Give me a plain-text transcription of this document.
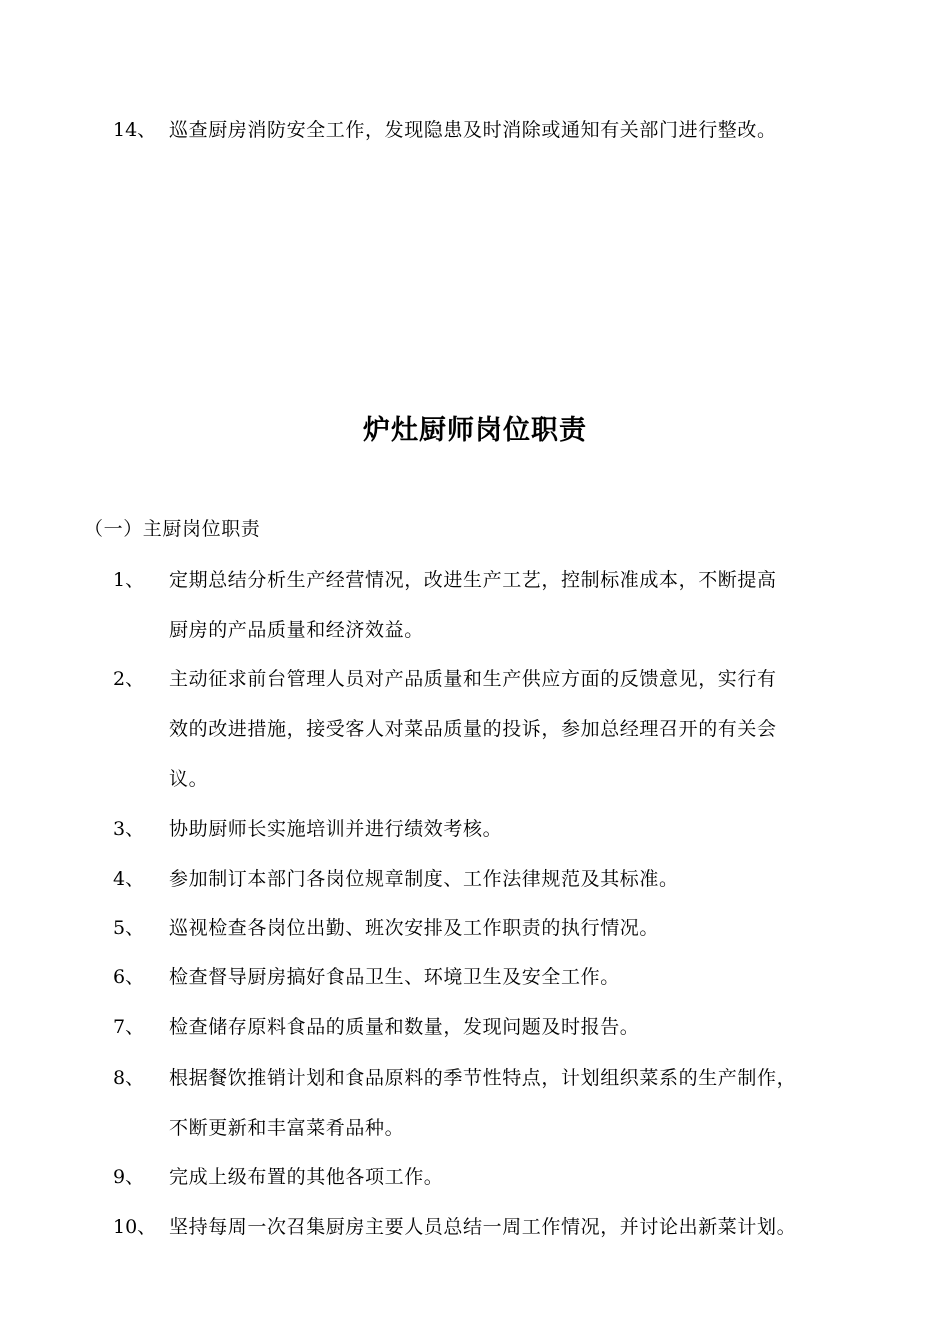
14、 巡查厨房消防安全工作，发现隐患及时消除或通知有关部门进行整改。
炉灶厨师岗位职责
（一）主厨岗位职责
1、 定期总结分析生产经营情况，改进生产工艺，控制标准成本，不断提高
厨房的产品质量和经济效益。
2、 主动征求前台管理人员对产品质量和生产供应方面的反馈意见，实行有
效的改进措施，接受客人对菜品质量的投诉，参加总经理召开的有关会
议。
3、 协助厨师长实施培训并进行绩效考核。
4、 参加制订本部门各岗位规章制度、工作法律规范及其标准。
5、 巡视检查各岗位出勤、班次安排及工作职责的执行情况。
6、 检查督导厨房搞好食品卫生、环境卫生及安全工作。
7、 检查储存原料食品的质量和数量，发现问题及时报告。
8、 根据餐饮推销计划和食品原料的季节性特点，计划组织菜系的生产制作，
不断更新和丰富菜肴品种。
9、 完成上级布置的其他各项工作。
10、 坚持每周一次召集厨房主要人员总结一周工作情况，并讨论出新菜计划。
